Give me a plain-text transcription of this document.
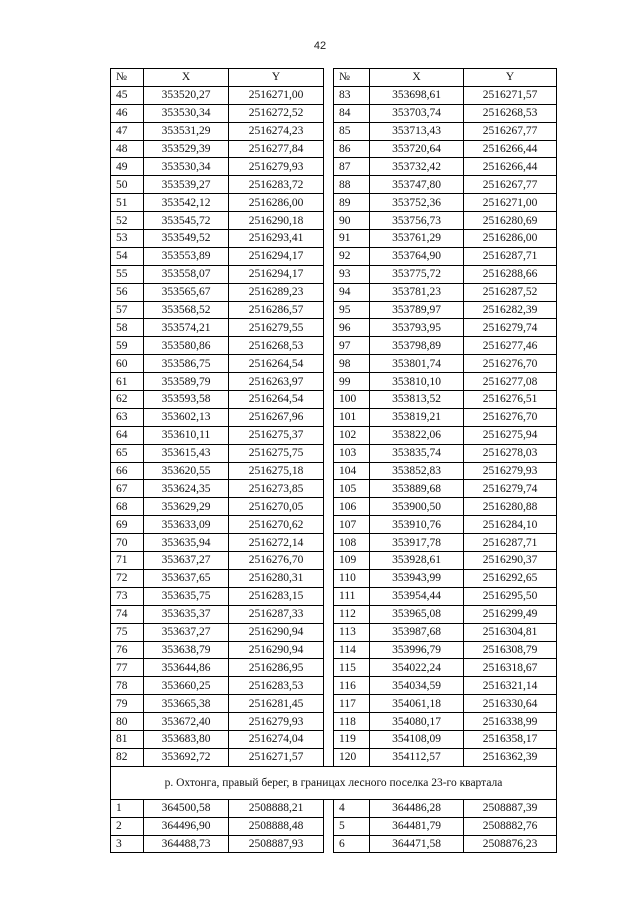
42
№	X	Y		№	X	Y
45	353520,27	2516271,00		83	353698,61	2516271,57
46	353530,34	2516272,52		84	353703,74	2516268,53
47	353531,29	2516274,23		85	353713,43	2516267,77
48	353529,39	2516277,84		86	353720,64	2516266,44
49	353530,34	2516279,93		87	353732,42	2516266,44
50	353539,27	2516283,72		88	353747,80	2516267,77
51	353542,12	2516286,00		89	353752,36	2516271,00
52	353545,72	2516290,18		90	353756,73	2516280,69
53	353549,52	2516293,41		91	353761,29	2516286,00
54	353553,89	2516294,17		92	353764,90	2516287,71
55	353558,07	2516294,17		93	353775,72	2516288,66
56	353565,67	2516289,23		94	353781,23	2516287,52
57	353568,52	2516286,57		95	353789,97	2516282,39
58	353574,21	2516279,55		96	353793,95	2516279,74
59	353580,86	2516268,53		97	353798,89	2516277,46
60	353586,75	2516264,54		98	353801,74	2516276,70
61	353589,79	2516263,97		99	353810,10	2516277,08
62	353593,58	2516264,54		100	353813,52	2516276,51
63	353602,13	2516267,96		101	353819,21	2516276,70
64	353610,11	2516275,37		102	353822,06	2516275,94
65	353615,43	2516275,75		103	353835,74	2516278,03
66	353620,55	2516275,18		104	353852,83	2516279,93
67	353624,35	2516273,85		105	353889,68	2516279,74
68	353629,29	2516270,05		106	353900,50	2516280,88
69	353633,09	2516270,62		107	353910,76	2516284,10
70	353635,94	2516272,14		108	353917,78	2516287,71
71	353637,27	2516276,70		109	353928,61	2516290,37
72	353637,65	2516280,31		110	353943,99	2516292,65
73	353635,75	2516283,15		111	353954,44	2516295,50
74	353635,37	2516287,33		112	353965,08	2516299,49
75	353637,27	2516290,94		113	353987,68	2516304,81
76	353638,79	2516290,94		114	353996,79	2516308,79
77	353644,86	2516286,95		115	354022,24	2516318,67
78	353660,25	2516283,53		116	354034,59	2516321,14
79	353665,38	2516281,45		117	354061,18	2516330,64
80	353672,40	2516279,93		118	354080,17	2516338,99
81	353683,80	2516274,04		119	354108,09	2516358,17
82	353692,72	2516271,57		120	354112,57	2516362,39
р. Охтонга, правый берег, в границах лесного поселка 23-го квартала						
1	364500,58	2508888,21		4	364486,28	2508887,39
2	364496,90	2508888,48		5	364481,79	2508882,76
3	364488,73	2508887,93		6	364471,58	2508876,23
